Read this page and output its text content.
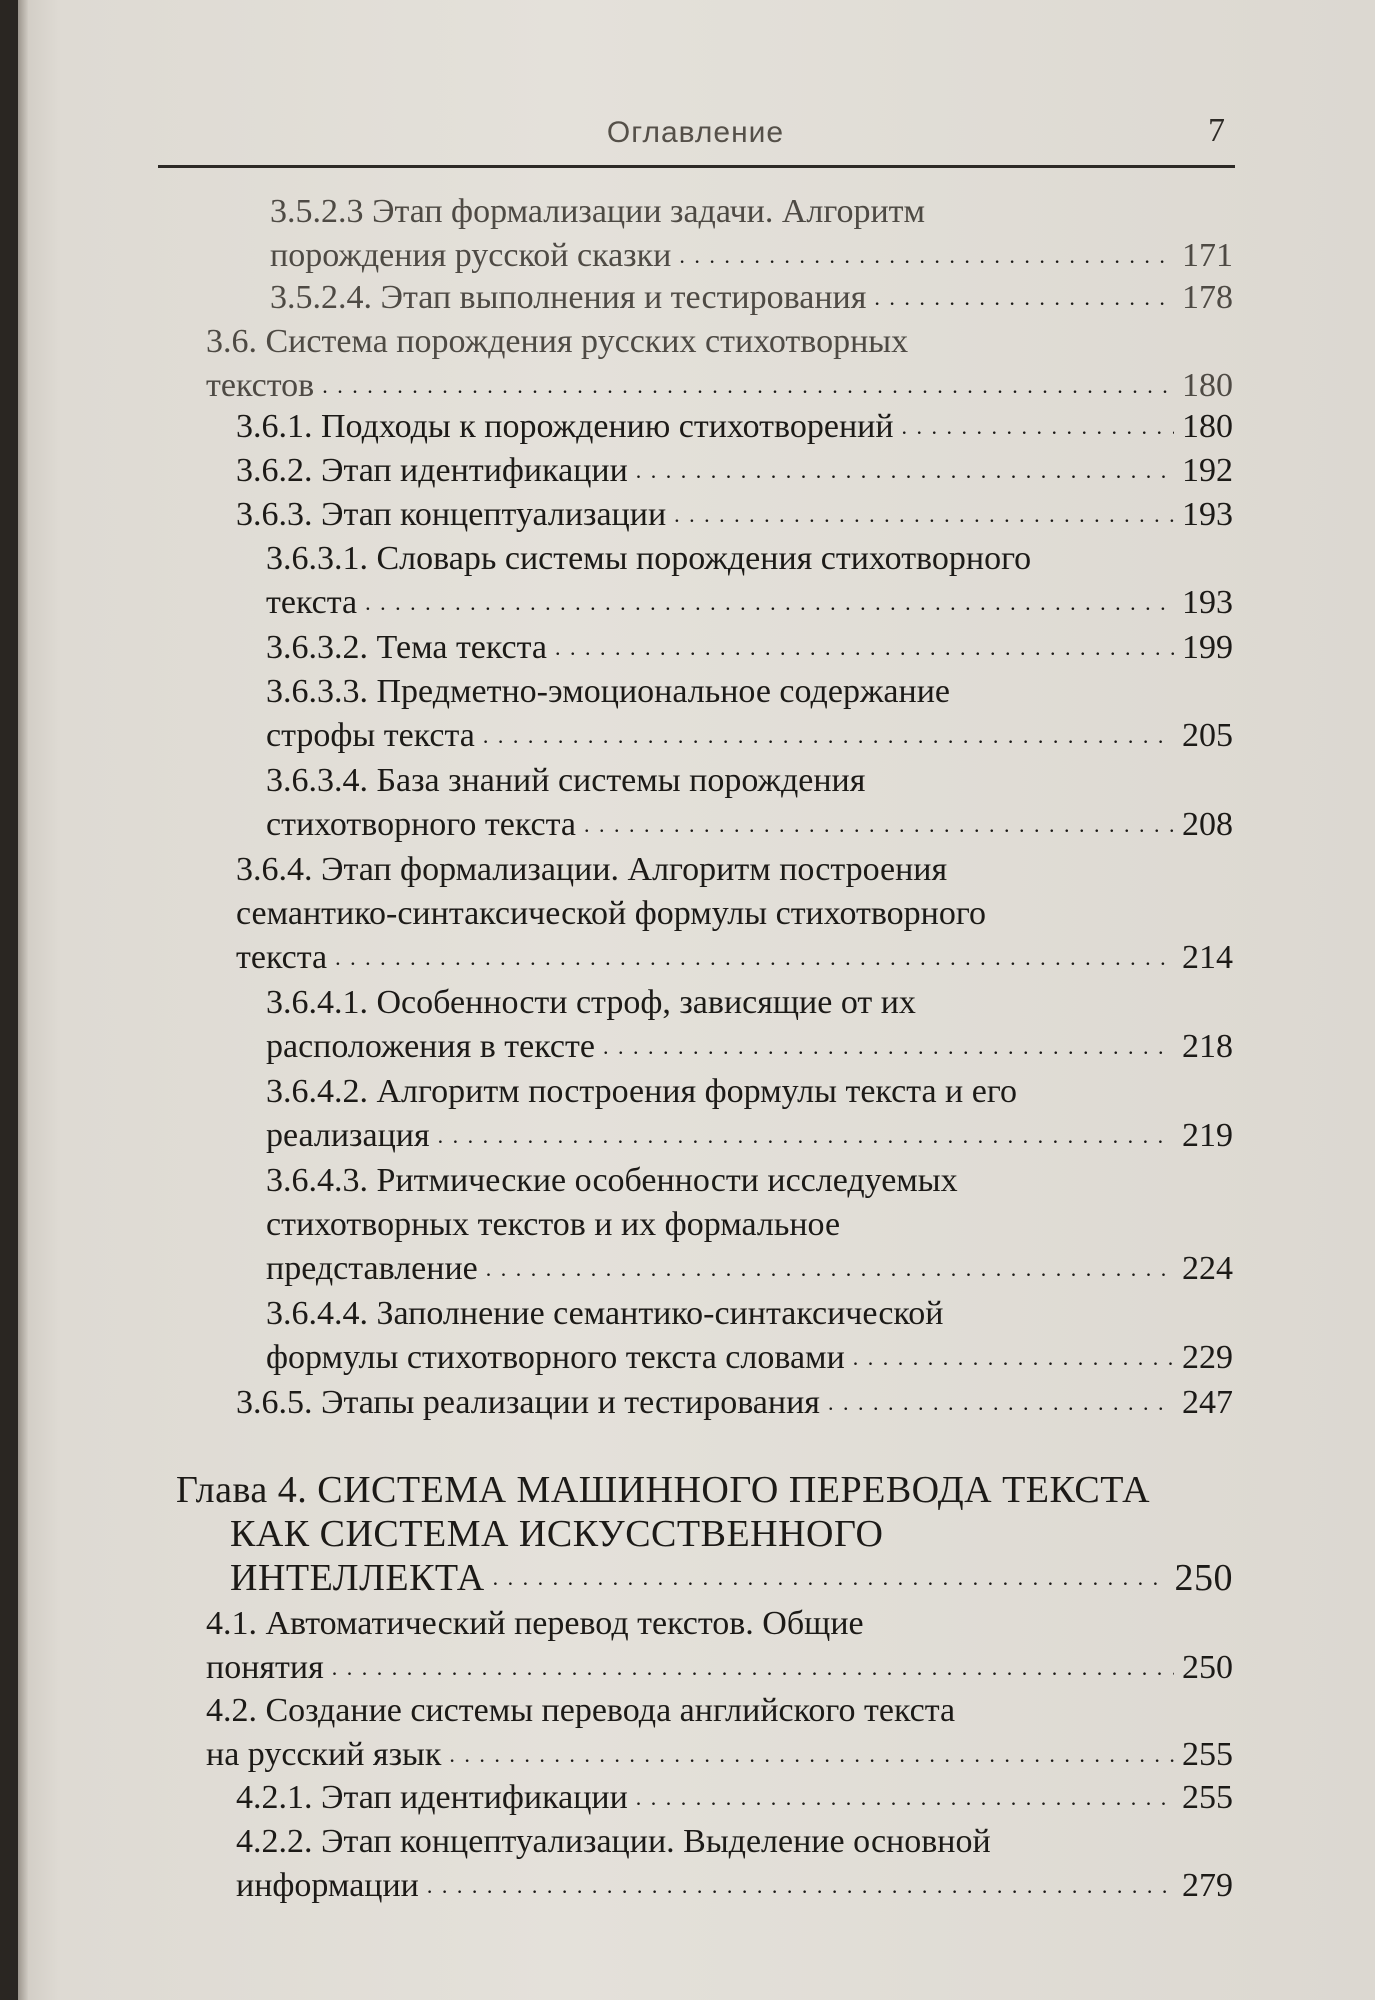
Оглавление	7
3.5.2.3 Этап формализации задачи. Алгоритм
порождения русской сказки . . .	171
3.5.2.4. Этап выполнения и тестирования . . .	178
3.6. Система порождения русских стихотворных
текстов . . .	180
3.6.1. Подходы к порождению стихотворений . . .	180
3.6.2. Этап идентификации . . .	192
3.6.3. Этап концептуализации . . .	193
3.6.3.1. Словарь системы порождения стихотворного
текста . . .	193
3.6.3.2. Тема текста . . .	199
3.6.3.3. Предметно-эмоциональное содержание
строфы текста . . .	205
3.6.3.4. База знаний системы порождения
стихотворного текста . . .	208
3.6.4. Этап формализации. Алгоритм построения
семантико-синтаксической формулы стихотворного
текста . . .	214
3.6.4.1. Особенности строф, зависящие от их
расположения в тексте . . .	218
3.6.4.2. Алгоритм построения формулы текста и его
реализация . . .	219
3.6.4.3. Ритмические особенности исследуемых
стихотворных текстов и их формальное
представление . . .	224
3.6.4.4. Заполнение семантико-синтаксической
формулы стихотворного текста словами . . .	229
3.6.5. Этапы реализации и тестирования . . .	247
Глава 4. СИСТЕМА МАШИННОГО ПЕРЕВОДА ТЕКСТА
КАК СИСТЕМА ИСКУССТВЕННОГО
ИНТЕЛЛЕКТА . . .	250
4.1. Автоматический перевод текстов. Общие
понятия . . .	250
4.2. Создание системы перевода английского текста
на русский язык . . .	255
4.2.1. Этап идентификации . . .	255
4.2.2. Этап концептуализации. Выделение основной
информации . . .	279
